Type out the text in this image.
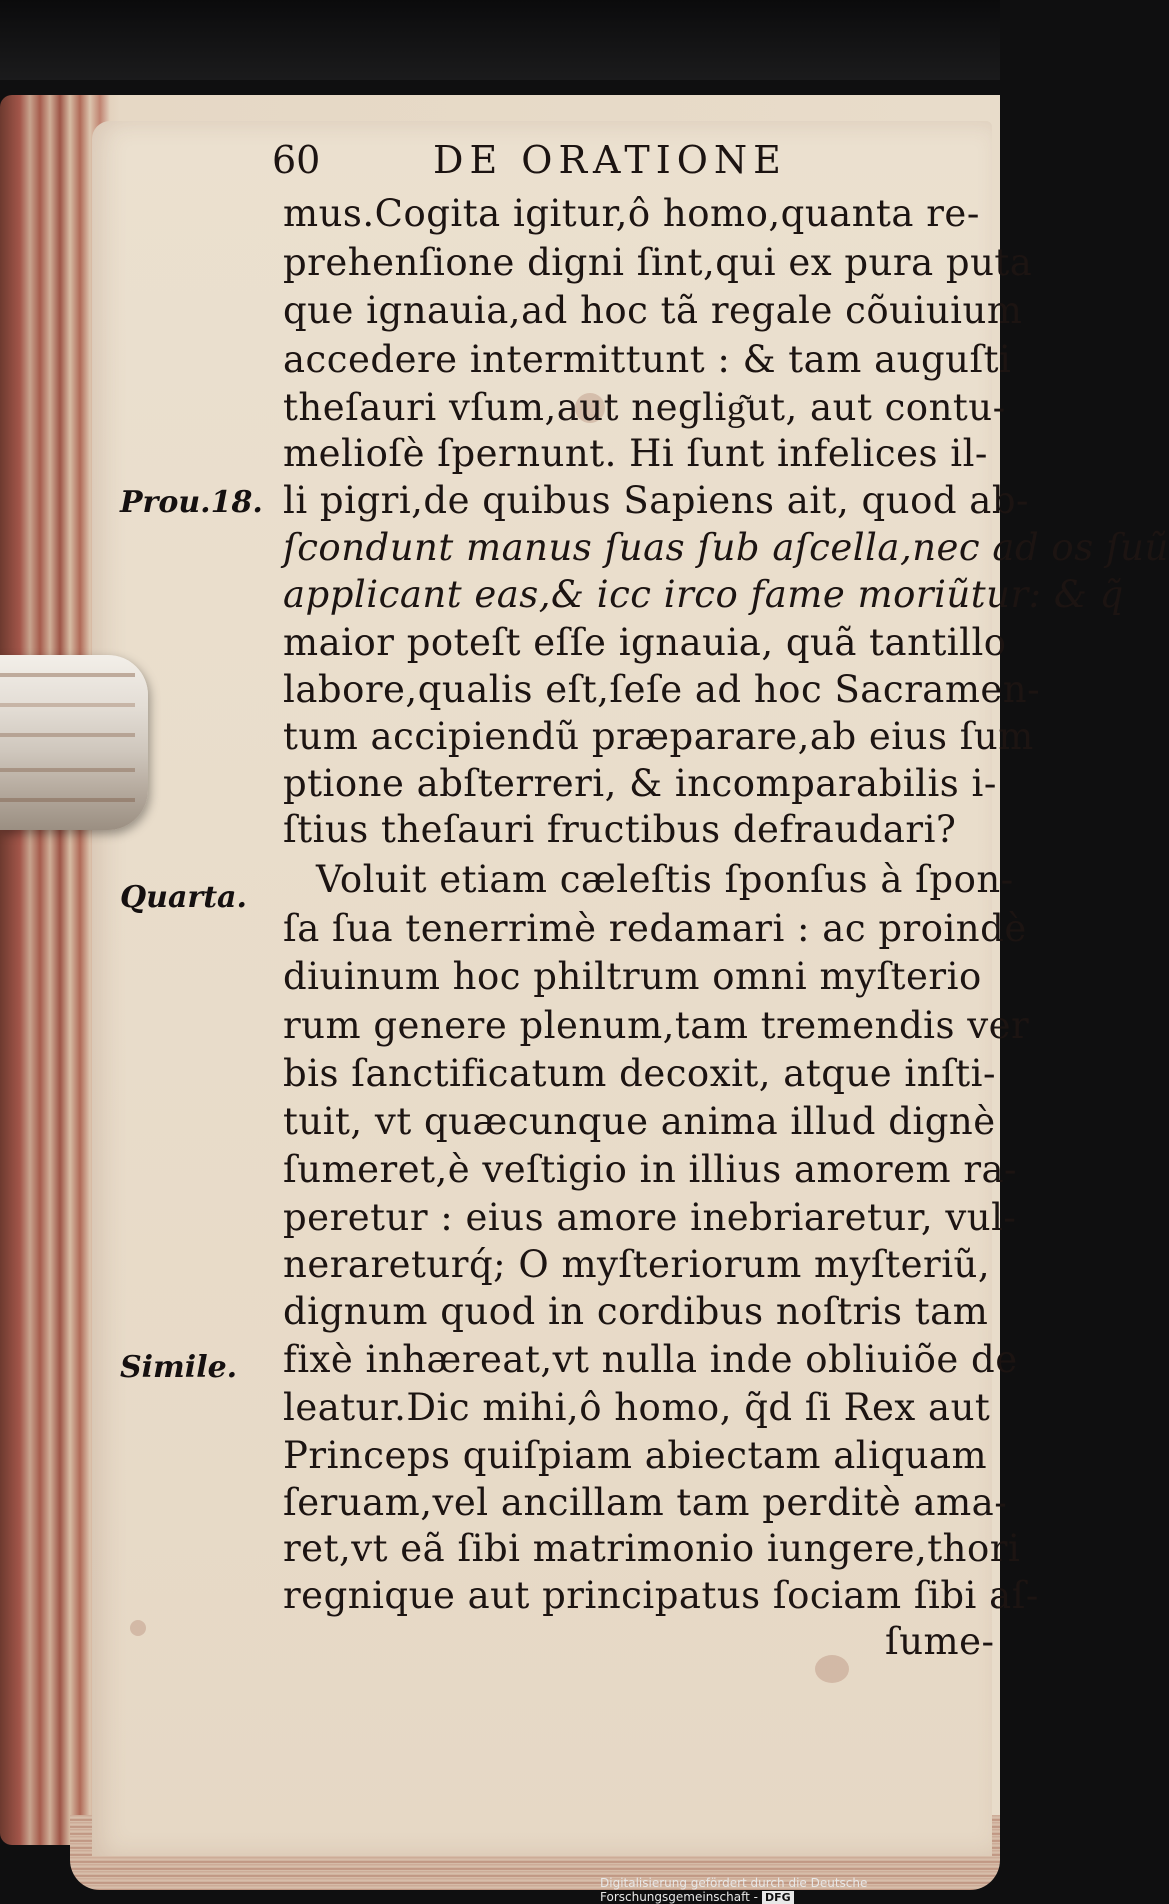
60	DE ORATIONE
mus.Cogita igitur,ô homo,quanta re-
prehenſione digni ſint,qui ex pura puta
que ignauia,ad hoc tã regale cõuiuium
accedere intermittunt : & tam auguſti
theſauri vſum,aut neglig͂ut, aut contu-
melioſè ſpernunt. Hi ſunt infelices il-
li pigri,de quibus Sapiens ait, quod ab-
ſcondunt manus ſuas ſub aſcella,nec ad os ſuũ
applicant eas,& icc irco fame moriũtur: & q̃
maior poteſt eſſe ignauia, quã tantillo
labore,qualis eſt,ſeſe ad hoc Sacramen-
tum accipiendũ præparare,ab eius ſum
ptione abſterreri, & incomparabilis i-
ſtius theſauri fructibus defraudari?
Voluit etiam cæleſtis ſponſus à ſpon-
ſa ſua tenerrimè redamari : ac proindè
diuinum hoc philtrum omni myſterio
rum genere plenum,tam tremendis ver
bis ſanctificatum decoxit, atque inſti-
tuit, vt quæcunque anima illud dignè
ſumeret,è veſtigio in illius amorem ra-
peretur : eius amore inebriaretur, vul-
nerareturq́; O myſteriorum myſteriũ,
dignum quod in cordibus noſtris tam
fixè inhæreat,vt nulla inde obliuiõe de
leatur.Dic mihi,ô homo, q̃d ſi Rex aut
Princeps quiſpiam abiectam aliquam
ſeruam,vel ancillam tam perditè ama-
ret,vt eã ſibi matrimonio iungere,thori
regnique aut principatus ſociam ſibi aſ-
ſume-
Prou.18.
Quarta.
Simile.
Digitalisierung gefördert durch die Deutsche Forschungsgemeinschaft - DFG
